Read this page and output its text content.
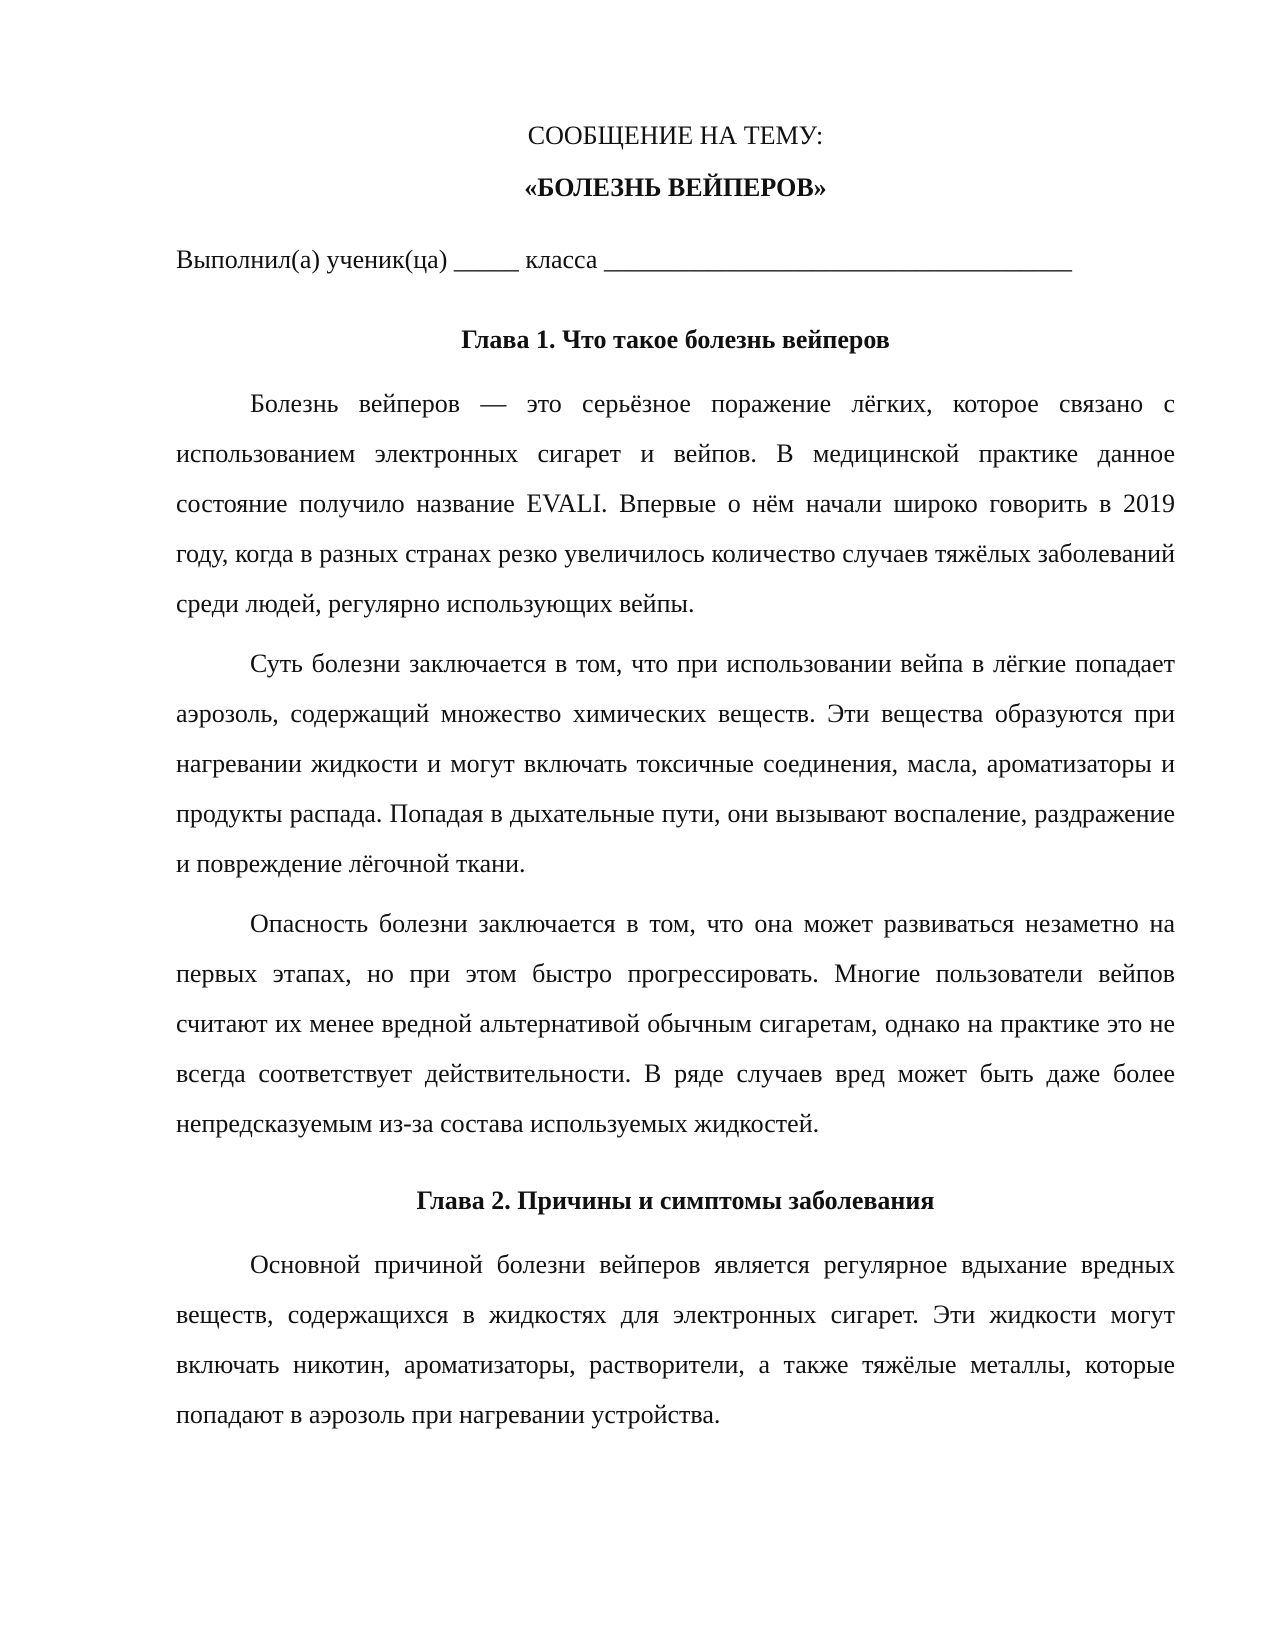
СООБЩЕНИЕ НА ТЕМУ:

«БОЛЕЗНЬ ВЕЙПЕРОВ»

Выполнил(а) ученик(ца) _____ класса ____________________________________

Глава 1. Что такое болезнь вейперов

Болезнь вейперов — это серьёзное поражение лёгких, которое связано с использованием электронных сигарет и вейпов. В медицинской практике данное состояние получило название EVALI. Впервые о нём начали широко говорить в 2019 году, когда в разных странах резко увеличилось количество случаев тяжёлых заболеваний среди людей, регулярно использующих вейпы.

Суть болезни заключается в том, что при использовании вейпа в лёгкие попадает аэрозоль, содержащий множество химических веществ. Эти вещества образуются при нагревании жидкости и могут включать токсичные соединения, масла, ароматизаторы и продукты распада. Попадая в дыхательные пути, они вызывают воспаление, раздражение и повреждение лёгочной ткани.

Опасность болезни заключается в том, что она может развиваться незаметно на первых этапах, но при этом быстро прогрессировать. Многие пользователи вейпов считают их менее вредной альтернативой обычным сигаретам, однако на практике это не всегда соответствует действительности. В ряде случаев вред может быть даже более непредсказуемым из-за состава используемых жидкостей.

Глава 2. Причины и симптомы заболевания

Основной причиной болезни вейперов является регулярное вдыхание вредных веществ, содержащихся в жидкостях для электронных сигарет. Эти жидкости могут включать никотин, ароматизаторы, растворители, а также тяжёлые металлы, которые попадают в аэрозоль при нагревании устройства.
